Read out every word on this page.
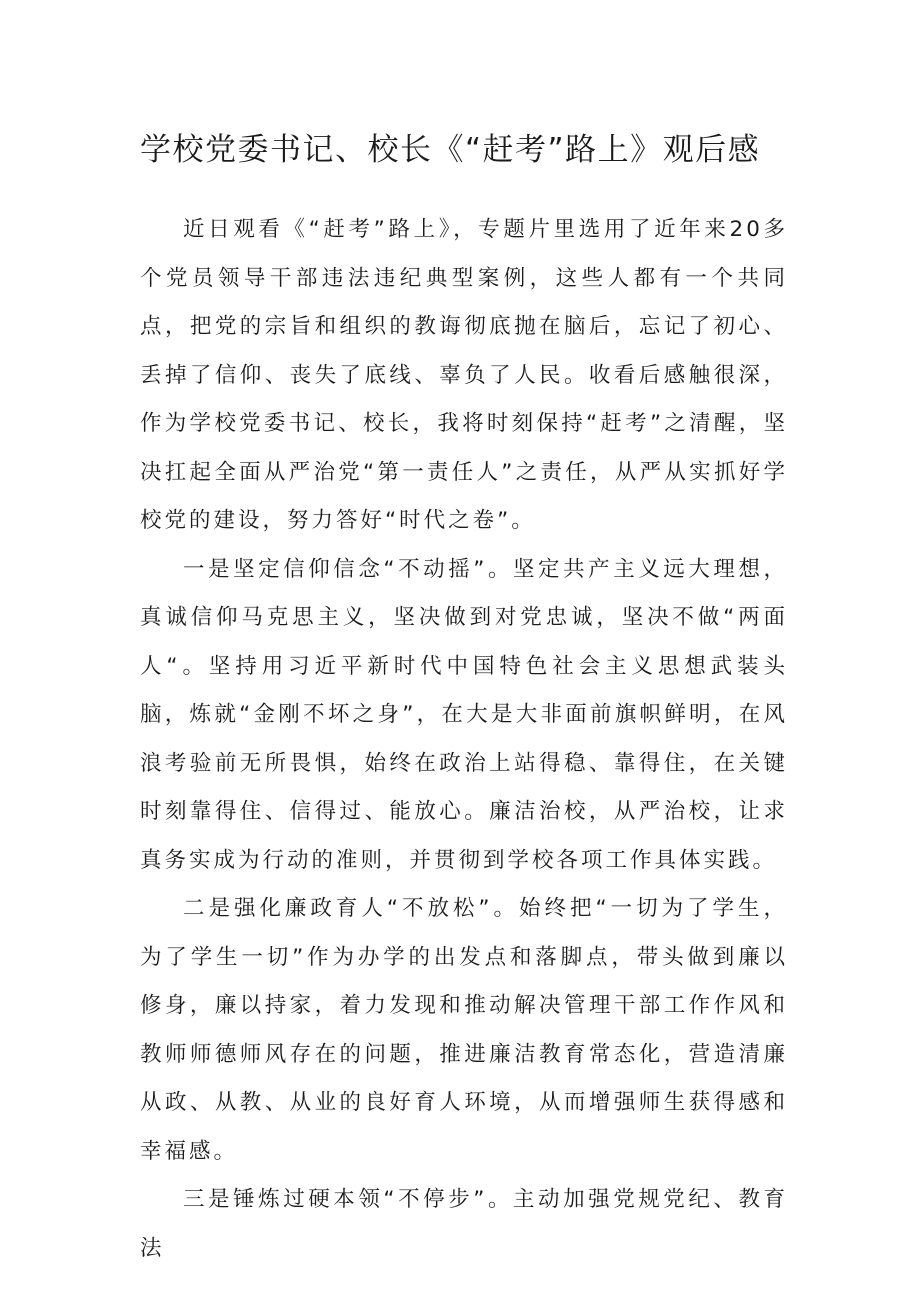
学校党委书记、校长《“赶考”路上》观后感

近日观看《“赶考”路上》，专题片里选用了近年来20多个党员领导干部违法违纪典型案例，这些人都有一个共同点，把党的宗旨和组织的教诲彻底抛在脑后，忘记了初心、丢掉了信仰、丧失了底线、辜负了人民。收看后感触很深，作为学校党委书记、校长，我将时刻保持“赶考”之清醒，坚决扛起全面从严治党“第一责任人”之责任，从严从实抓好学校党的建设，努力答好“时代之卷”。

一是坚定信仰信念“不动摇”。坚定共产主义远大理想，真诚信仰马克思主义，坚决做到对党忠诚，坚决不做“两面人“。坚持用习近平新时代中国特色社会主义思想武装头脑，炼就“金刚不坏之身”，在大是大非面前旗帜鲜明，在风浪考验前无所畏惧，始终在政治上站得稳、靠得住，在关键时刻靠得住、信得过、能放心。廉洁治校，从严治校，让求真务实成为行动的准则，并贯彻到学校各项工作具体实践。

二是强化廉政育人“不放松”。始终把“一切为了学生，为了学生一切”作为办学的出发点和落脚点，带头做到廉以修身，廉以持家，着力发现和推动解决管理干部工作作风和教师师德师风存在的问题，推进廉洁教育常态化，营造清廉从政、从教、从业的良好育人环境，从而增强师生获得感和幸福感。

三是锤炼过硬本领“不停步”。主动加强党规党纪、教育法
